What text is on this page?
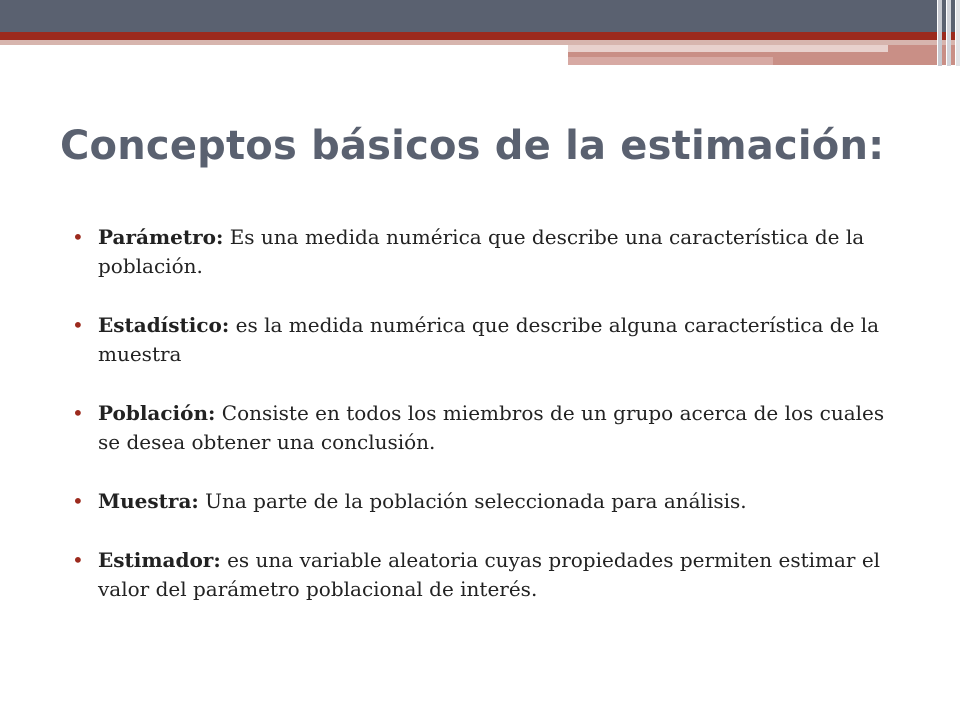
Conceptos básicos de la estimación:
• Parámetro: Es una medida numérica que describe una característica de la población.
• Estadístico: es la medida numérica que describe alguna característica de la muestra
• Población: Consiste en todos los miembros de un grupo acerca de los cuales se desea obtener una conclusión.
• Muestra: Una parte de la población seleccionada para análisis.
• Estimador: es una variable aleatoria cuyas propiedades permiten estimar el valor del parámetro poblacional de interés.
